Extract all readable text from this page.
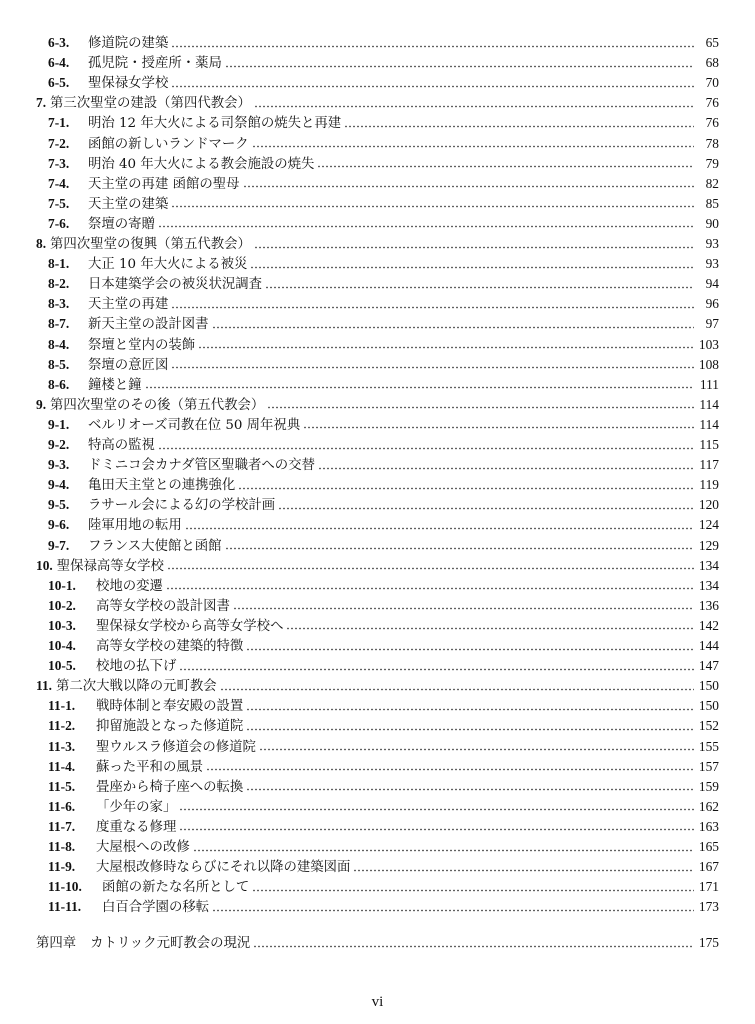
6-3.	修道院の建築	65
6-4.	孤児院・授産所・薬局	68
6-5.	聖保禄女学校	70
7. 第三次聖堂の建設（第四代教会）	76
7-1.	明治 12 年大火による司祭館の焼失と再建	76
7-2.	函館の新しいランドマーク	78
7-3.	明治 40 年大火による教会施設の焼失	79
7-4.	天主堂の再建 函館の聖母	82
7-5.	天主堂の建築	85
7-6.	祭壇の寄贈	90
8. 第四次聖堂の復興（第五代教会）	93
8-1.	大正 10 年大火による被災	93
8-2.	日本建築学会の被災状況調査	94
8-3.	天主堂の再建	96
8-7.	新天主堂の設計図書	97
8-4.	祭壇と堂内の装飾	103
8-5.	祭壇の意匠図	108
8-6.	鐘楼と鐘	111
9. 第四次聖堂のその後（第五代教会）	114
9-1.	ベルリオーズ司教在位 50 周年祝典	114
9-2.	特高の監視	115
9-3.	ドミニコ会カナダ管区聖職者への交替	117
9-4.	亀田天主堂との連携強化	119
9-5.	ラサール会による幻の学校計画	120
9-6.	陸軍用地の転用	124
9-7.	フランス大使館と函館	129
10. 聖保禄高等女学校	134
10-1.	校地の変遷	134
10-2.	高等女学校の設計図書	136
10-3.	聖保禄女学校から高等女学校へ	142
10-4.	高等女学校の建築的特徴	144
10-5.	校地の払下げ	147
11. 第二次大戦以降の元町教会	150
11-1.	戦時体制と奉安殿の設置	150
11-2.	抑留施設となった修道院	152
11-3.	聖ウルスラ修道会の修道院	155
11-4.	蘇った平和の風景	157
11-5.	畳座から椅子座への転換	159
11-6.	「少年の家」	162
11-7.	度重なる修理	163
11-8.	大屋根への改修	165
11-9.	大屋根改修時ならびにそれ以降の建築図面	167
11-10.	函館の新たな名所として	171
11-11.	白百合学園の移転	173
第四章 カトリック元町教会の現況	175
vi
